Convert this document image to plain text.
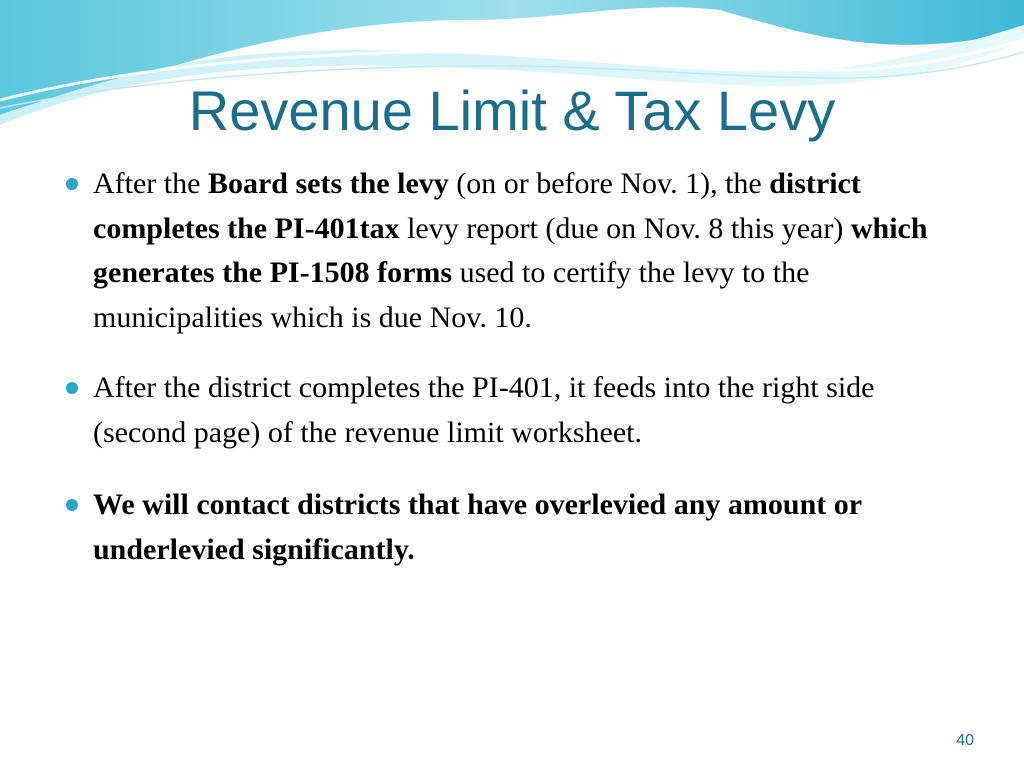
Revenue Limit & Tax Levy
After the Board sets the levy (on or before Nov. 1), the district completes the PI-401tax levy report (due on Nov. 8 this year) which generates the PI-1508 forms used to certify the levy to the municipalities which is due Nov. 10.
After the district completes the PI-401, it feeds into the right side (second page) of the revenue limit worksheet.
We will contact districts that have overlevied any amount or underlevied significantly.
40
